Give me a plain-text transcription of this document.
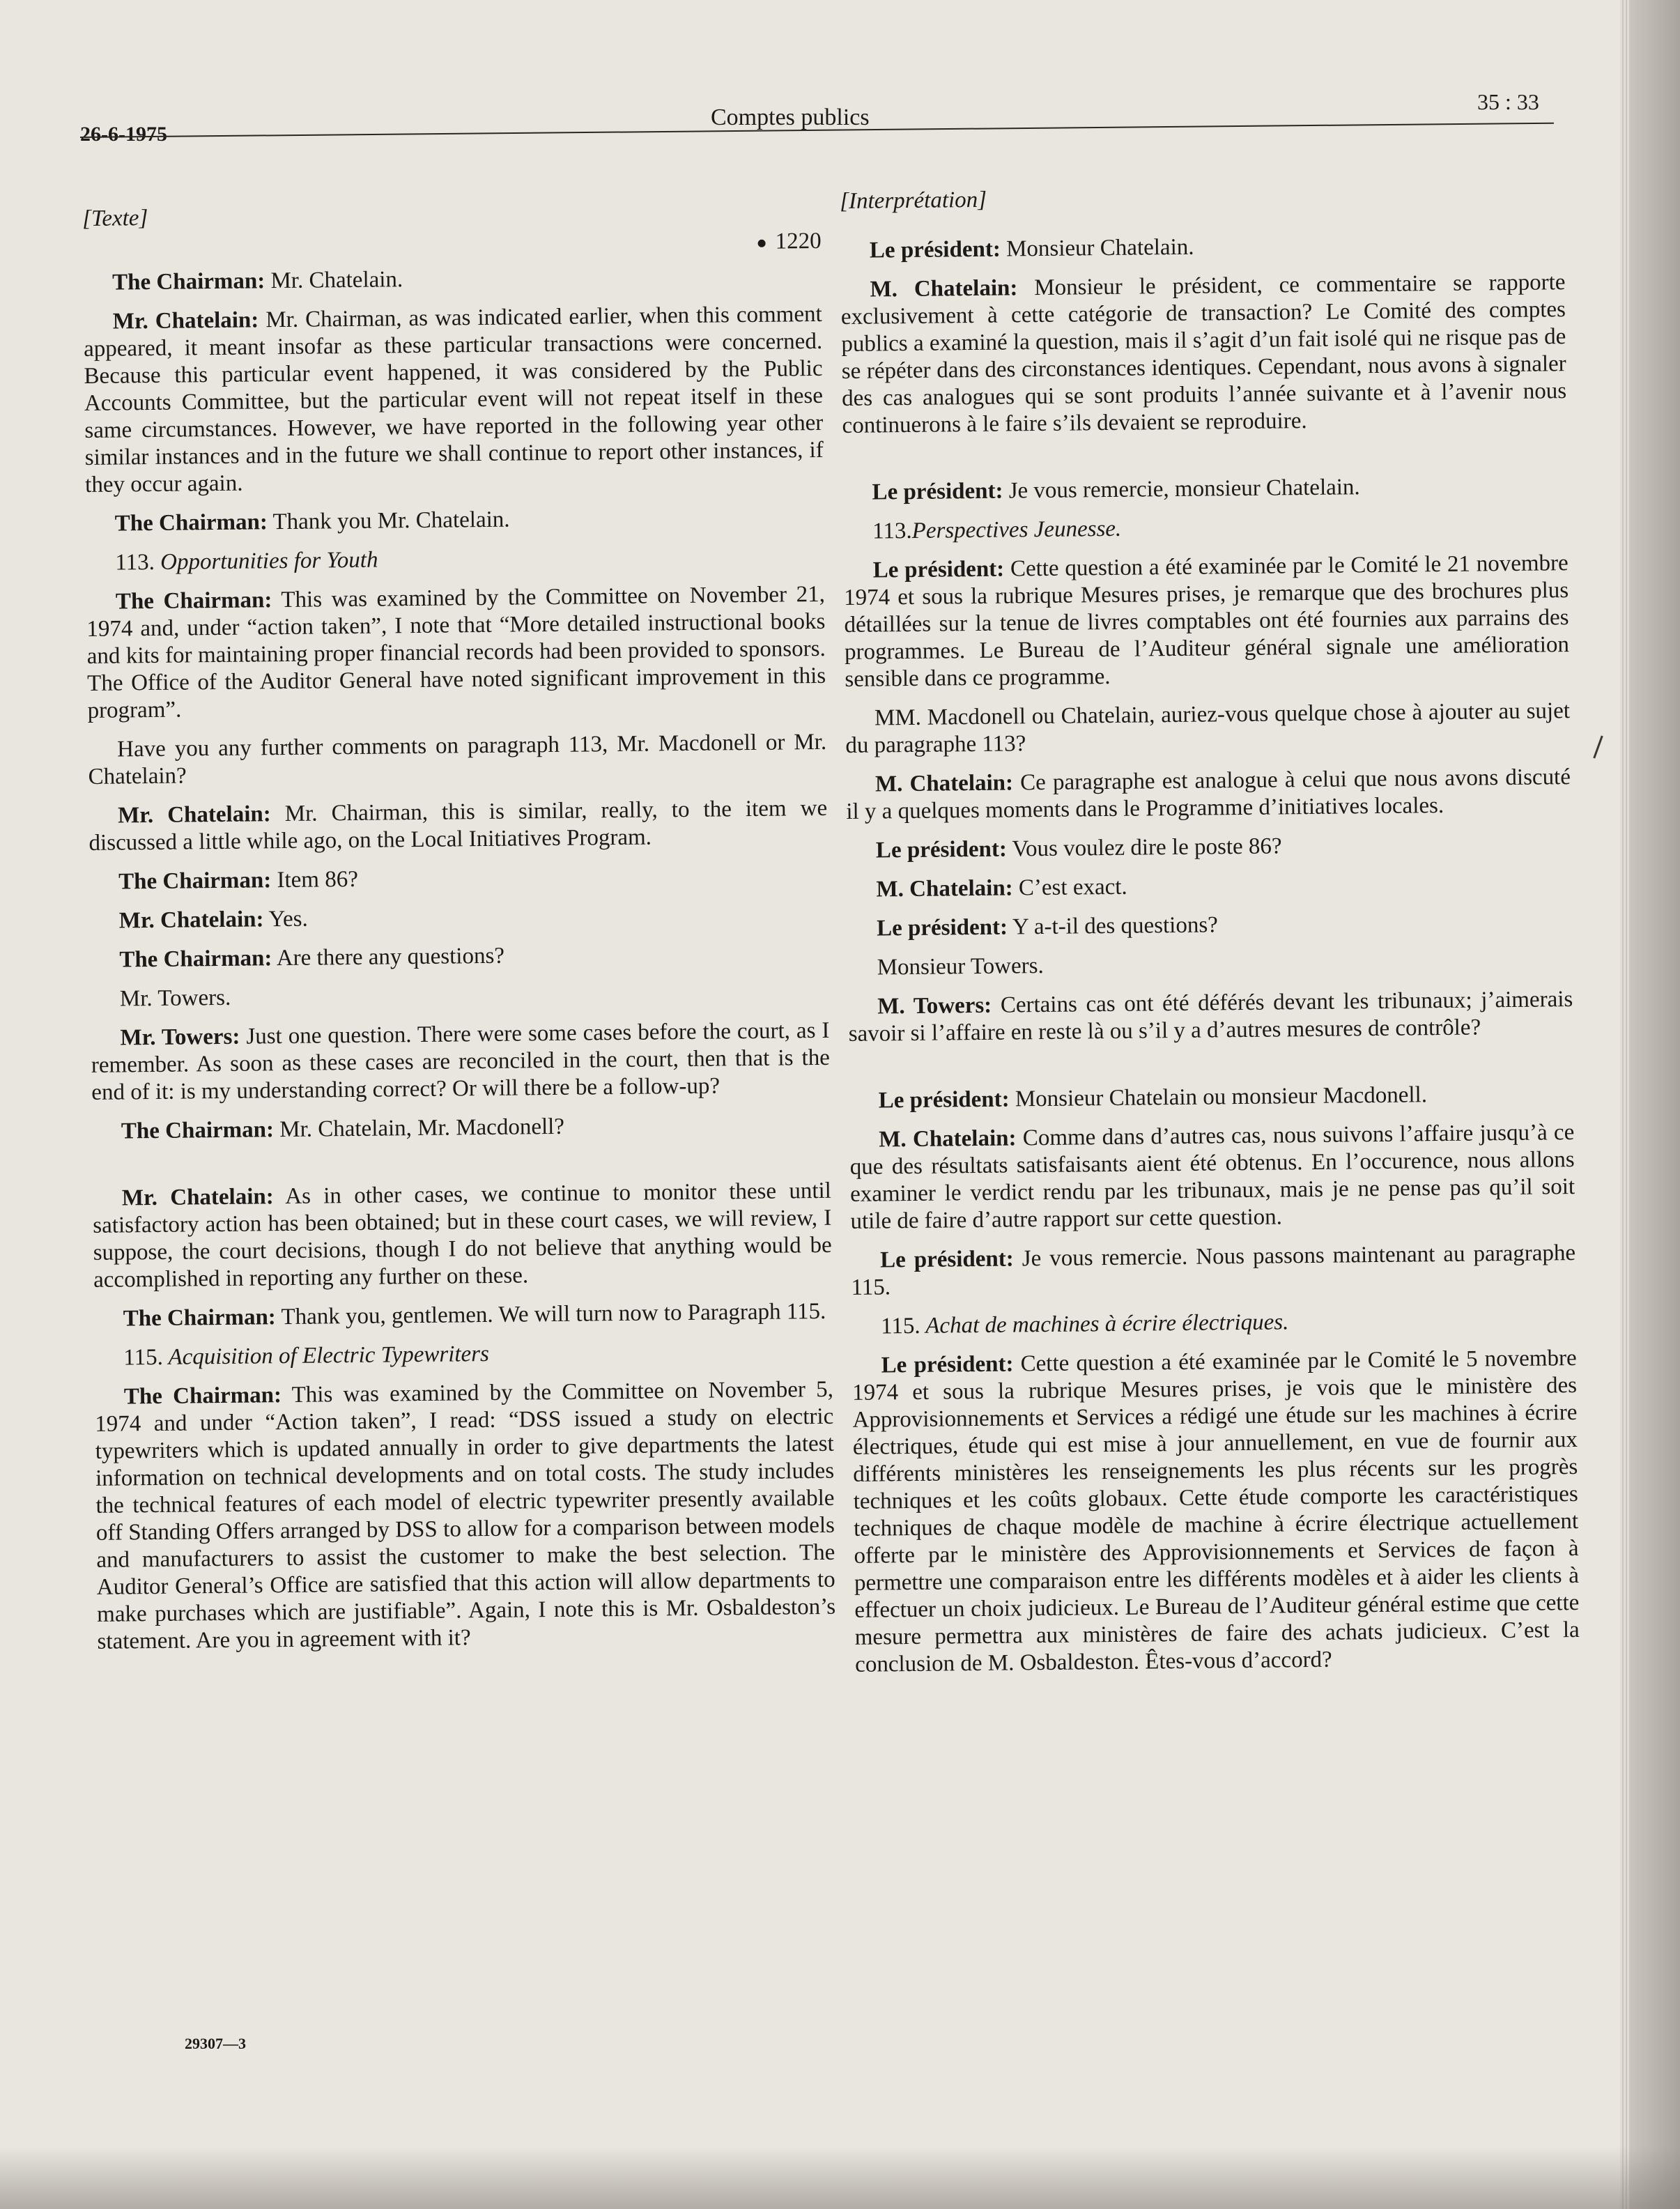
26-6-1975
Comptes publics
35 : 33
[Texte]
1220

The Chairman: Mr. Chatelain.

Mr. Chatelain: Mr. Chairman, as was indicated earlier, when this comment appeared, it meant insofar as these particular transactions were concerned. Because this particular event happened, it was considered by the Public Accounts Committee, but the particular event will not repeat itself in these same circumstances. However, we have reported in the following year other similar instances and in the future we shall continue to report other instances, if they occur again.

The Chairman: Thank you Mr. Chatelain.

113. Opportunities for Youth

The Chairman: This was examined by the Committee on November 21, 1974 and, under “action taken”, I note that “More detailed instructional books and kits for maintaining proper financial records had been provided to sponsors. The Office of the Auditor General have noted significant improvement in this program”.

Have you any further comments on paragraph 113, Mr. Macdonell or Mr. Chatelain?

Mr. Chatelain: Mr. Chairman, this is similar, really, to the item we discussed a little while ago, on the Local Initiatives Program.

The Chairman: Item 86?

Mr. Chatelain: Yes.

The Chairman: Are there any questions?

Mr. Towers.

Mr. Towers: Just one question. There were some cases before the court, as I remember. As soon as these cases are reconciled in the court, then that is the end of it: is my understanding correct? Or will there be a follow-up?

The Chairman: Mr. Chatelain, Mr. Macdonell?

Mr. Chatelain: As in other cases, we continue to monitor these until satisfactory action has been obtained; but in these court cases, we will review, I suppose, the court decisions, though I do not believe that anything would be accomplished in reporting any further on these.

The Chairman: Thank you, gentlemen. We will turn now to Paragraph 115.

115. Acquisition of Electric Typewriters

The Chairman: This was examined by the Committee on November 5, 1974 and under “Action taken”, I read: “DSS issued a study on electric typewriters which is updated annually in order to give departments the latest information on technical developments and on total costs. The study includes the technical features of each model of electric typewriter presently available off Standing Offers arranged by DSS to allow for a comparison between models and manufacturers to assist the customer to make the best selection. The Auditor General’s Office are satisfied that this action will allow departments to make purchases which are justifiable”. Again, I note this is Mr. Osbaldeston’s statement. Are you in agreement with it?

[Interprétation]

Le président: Monsieur Chatelain.

M. Chatelain: Monsieur le président, ce commentaire se rapporte exclusivement à cette catégorie de transaction? Le Comité des comptes publics a examiné la question, mais il s’agit d’un fait isolé qui ne risque pas de se répéter dans des circonstances identiques. Cependant, nous avons à signaler des cas analogues qui se sont produits l’année suivante et à l’avenir nous continuerons à le faire s’ils devaient se reproduire.

Le président: Je vous remercie, monsieur Chatelain.

113.Perspectives Jeunesse.

Le président: Cette question a été examinée par le Comité le 21 novembre 1974 et sous la rubrique Mesures prises, je remarque que des brochures plus détaillées sur la tenue de livres comptables ont été fournies aux parrains des programmes. Le Bureau de l’Auditeur général signale une amélioration sensible dans ce programme.

MM. Macdonell ou Chatelain, auriez-vous quelque chose à ajouter au sujet du paragraphe 113?

M. Chatelain: Ce paragraphe est analogue à celui que nous avons discuté il y a quelques moments dans le Programme d’initiatives locales.

Le président: Vous voulez dire le poste 86?

M. Chatelain: C’est exact.

Le président: Y a-t-il des questions?

Monsieur Towers.

M. Towers: Certains cas ont été déférés devant les tribunaux; j’aimerais savoir si l’affaire en reste là ou s’il y a d’autres mesures de contrôle?

Le président: Monsieur Chatelain ou monsieur Macdonell.

M. Chatelain: Comme dans d’autres cas, nous suivons l’affaire jusqu’à ce que des résultats satisfaisants aient été obtenus. En l’occurence, nous allons examiner le verdict rendu par les tribunaux, mais je ne pense pas qu’il soit utile de faire d’autre rapport sur cette question.

Le président: Je vous remercie. Nous passons maintenant au paragraphe 115.

115. Achat de machines à écrire électriques.

Le président: Cette question a été examinée par le Comité le 5 novembre 1974 et sous la rubrique Mesures prises, je vois que le ministère des Approvisionnements et Services a rédigé une étude sur les machines à écrire électriques, étude qui est mise à jour annuellement, en vue de fournir aux différents ministères les renseignements les plus récents sur les progrès techniques et les coûts globaux. Cette étude comporte les caractéristiques techniques de chaque modèle de machine à écrire électrique actuellement offerte par le ministère des Approvisionnements et Services de façon à permettre une comparaison entre les différents modèles et à aider les clients à effectuer un choix judicieux. Le Bureau de l’Auditeur général estime que cette mesure permettra aux ministères de faire des achats judicieux. C’est la conclusion de M. Osbaldeston. Êtes-vous d’accord?

29307—3
